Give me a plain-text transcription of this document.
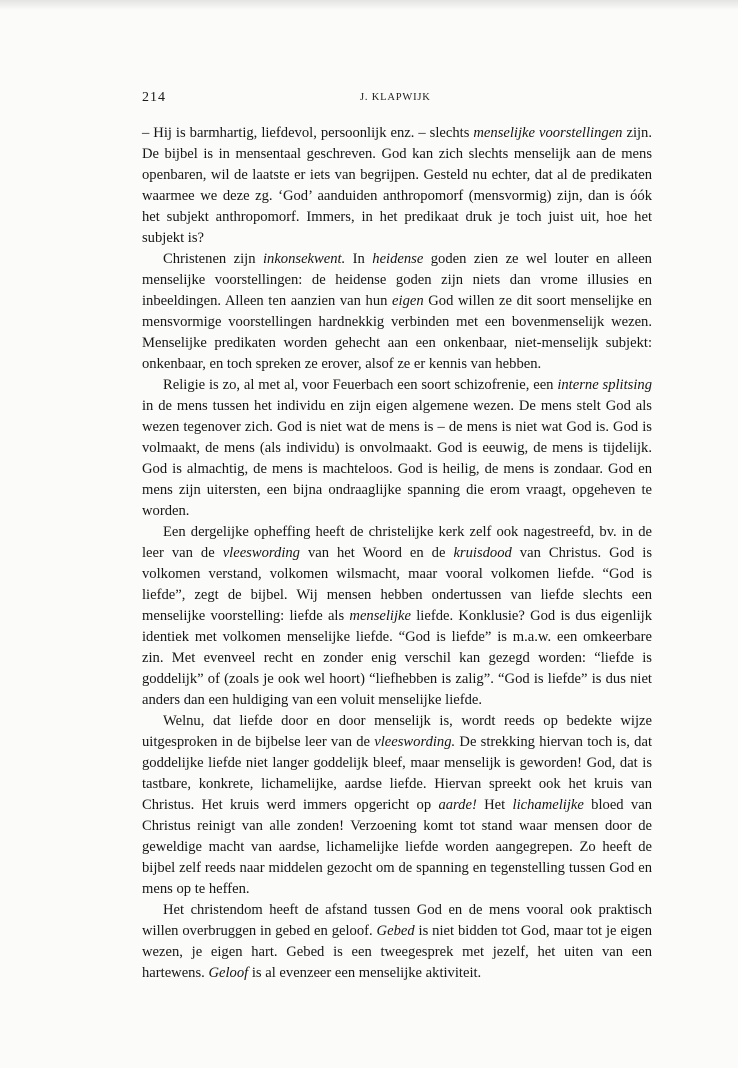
214	J. KLAPWIJK

– Hij is barmhartig, liefdevol, persoonlijk enz. – slechts menselijke voorstellingen zijn. De bijbel is in mensentaal geschreven. God kan zich slechts menselijk aan de mens openbaren, wil de laatste er iets van begrijpen. Gesteld nu echter, dat al de predikaten waarmee we deze zg. ‘God’ aanduiden anthropomorf (mensvormig) zijn, dan is óók het subjekt anthropomorf. Immers, in het predikaat druk je toch juist uit, hoe het subjekt is?

Christenen zijn inkonsekwent. In heidense goden zien ze wel louter en alleen menselijke voorstellingen: de heidense goden zijn niets dan vrome illusies en inbeeldingen. Alleen ten aanzien van hun eigen God willen ze dit soort menselijke en mensvormige voorstellingen hardnekkig verbinden met een bovenmenselijk wezen. Menselijke predikaten worden gehecht aan een onkenbaar, niet-menselijk subjekt: onkenbaar, en toch spreken ze erover, alsof ze er kennis van hebben.

Religie is zo, al met al, voor Feuerbach een soort schizofrenie, een interne splitsing in de mens tussen het individu en zijn eigen algemene wezen. De mens stelt God als wezen tegenover zich. God is niet wat de mens is – de mens is niet wat God is. God is volmaakt, de mens (als individu) is onvolmaakt. God is eeuwig, de mens is tijdelijk. God is almachtig, de mens is machteloos. God is heilig, de mens is zondaar. God en mens zijn uitersten, een bijna ondraaglijke spanning die erom vraagt, opgeheven te worden.

Een dergelijke opheffing heeft de christelijke kerk zelf ook nagestreefd, bv. in de leer van de vleeswording van het Woord en de kruisdood van Christus. God is volkomen verstand, volkomen wilsmacht, maar vooral volkomen liefde. “God is liefde”, zegt de bijbel. Wij mensen hebben ondertussen van liefde slechts een menselijke voorstelling: liefde als menselijke liefde. Konklusie? God is dus eigenlijk identiek met volkomen menselijke liefde. “God is liefde” is m.a.w. een omkeerbare zin. Met evenveel recht en zonder enig verschil kan gezegd worden: “liefde is goddelijk” of (zoals je ook wel hoort) “liefhebben is zalig”. “God is liefde” is dus niet anders dan een huldiging van een voluit menselijke liefde.

Welnu, dat liefde door en door menselijk is, wordt reeds op bedekte wijze uitgesproken in de bijbelse leer van de vleeswording. De strekking hiervan toch is, dat goddelijke liefde niet langer goddelijk bleef, maar menselijk is geworden! God, dat is tastbare, konkrete, lichamelijke, aardse liefde. Hiervan spreekt ook het kruis van Christus. Het kruis werd immers opgericht op aarde! Het lichamelijke bloed van Christus reinigt van alle zonden! Verzoening komt tot stand waar mensen door de geweldige macht van aardse, lichamelijke liefde worden aangegrepen. Zo heeft de bijbel zelf reeds naar middelen gezocht om de spanning en tegenstelling tussen God en mens op te heffen.

Het christendom heeft de afstand tussen God en de mens vooral ook praktisch willen overbruggen in gebed en geloof. Gebed is niet bidden tot God, maar tot je eigen wezen, je eigen hart. Gebed is een tweegesprek met jezelf, het uiten van een hartewens. Geloof is al evenzeer een menselijke aktiviteit.
